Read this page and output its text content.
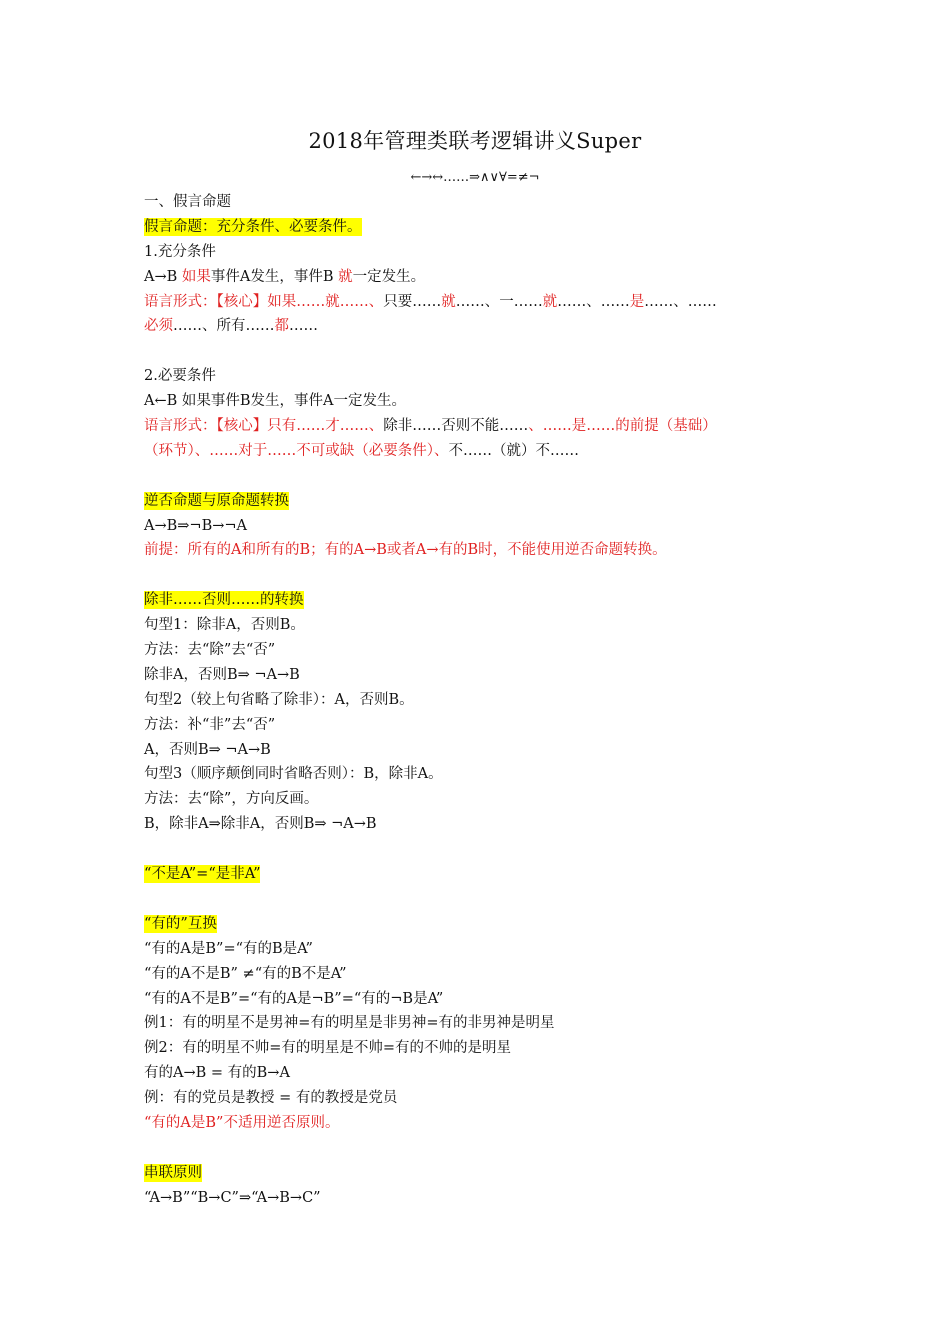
2018年管理类联考逻辑讲义Super
←→↔……⇒∧∨∀=≠¬
一、假言命题
假言命题：充分条件、必要条件。
1.充分条件
A→B 如果事件A发生，事件B 就一定发生。
语言形式：【核心】如果……就……、只要……就……、一……就……、……是……、……
必须……、所有……都……
2.必要条件
A←B 如果事件B发生，事件A一定发生。
语言形式：【核心】只有……才……、除非……否则不能……、……是……的前提（基础）
（环节）、……对于……不可或缺（必要条件）、不……（就）不……
逆否命题与原命题转换
A→B⇒¬B→¬A
前提：所有的A和所有的B；有的A→B或者A→有的B时，不能使用逆否命题转换。
除非……否则……的转换
句型1：除非A，否则B。
方法：去“除”去“否”
除非A，否则B⇒ ¬A→B
句型2（较上句省略了除非）：A，否则B。
方法：补“非”去“否”
A，否则B⇒ ¬A→B
句型3（顺序颠倒同时省略否则）：B，除非A。
方法：去“除”，方向反画。
B，除非A⇒除非A，否则B⇒ ¬A→B
“不是A”=“是非A”
“有的”互换
“有的A是B”=“有的B是A”
“有的A不是B” ≠“有的B不是A”
“有的A不是B”=“有的A是¬B”=“有的¬B是A”
例1：有的明星不是男神=有的明星是非男神=有的非男神是明星
例2：有的明星不帅=有的明星是不帅=有的不帅的是明星
有的A→B = 有的B→A
例：有的党员是教授 = 有的教授是党员
“有的A是B”不适用逆否原则。
串联原则
“A→B”“B→C”⇒“A→B→C”
